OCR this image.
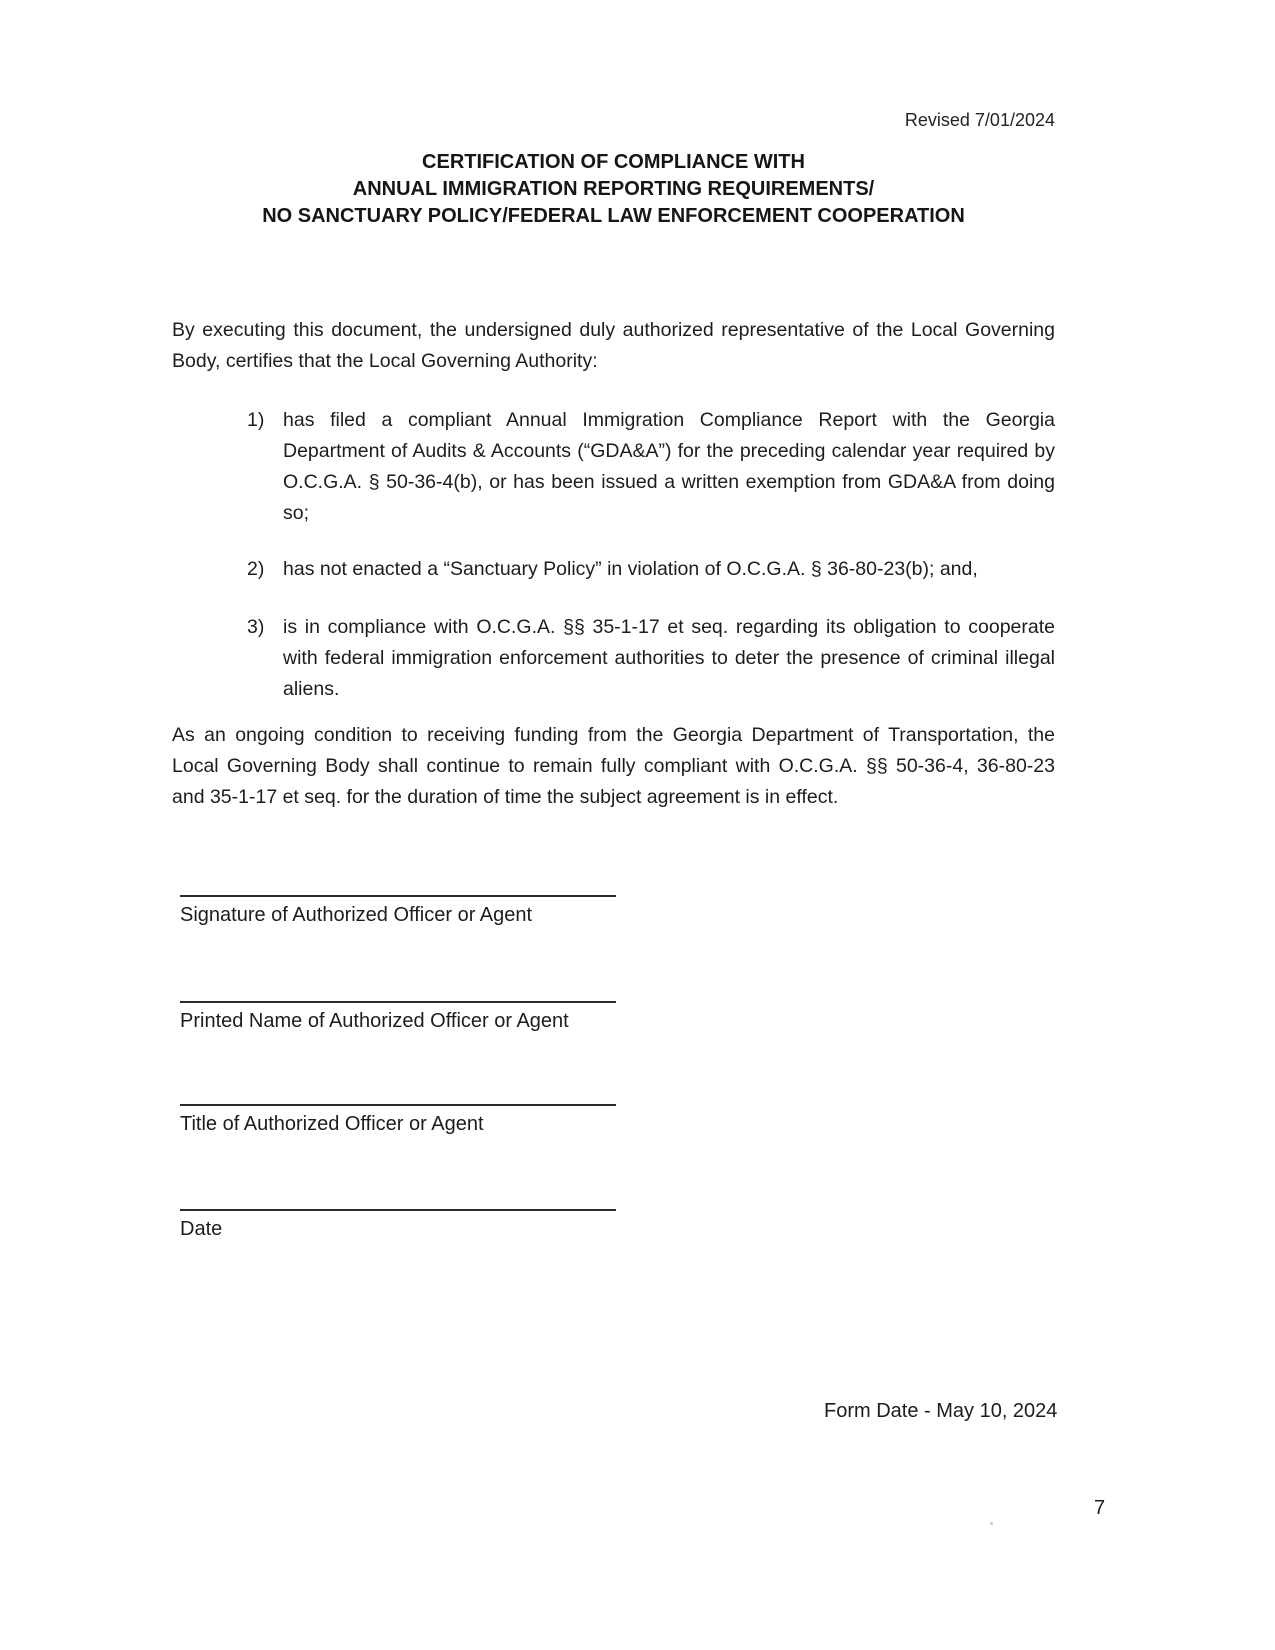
Revised 7/01/2024
CERTIFICATION OF COMPLIANCE WITH
ANNUAL IMMIGRATION REPORTING REQUIREMENTS/
NO SANCTUARY POLICY/FEDERAL LAW ENFORCEMENT COOPERATION
By executing this document, the undersigned duly authorized representative of the Local Governing Body, certifies that the Local Governing Authority:
1) has filed a compliant Annual Immigration Compliance Report with the Georgia Department of Audits & Accounts (“GDA&A”) for the preceding calendar year required by O.C.G.A. § 50-36-4(b), or has been issued a written exemption from GDA&A from doing so;
2) has not enacted a “Sanctuary Policy” in violation of O.C.G.A. § 36-80-23(b); and,
3) is in compliance with O.C.G.A. §§ 35-1-17 et seq. regarding its obligation to cooperate with federal immigration enforcement authorities to deter the presence of criminal illegal aliens.
As an ongoing condition to receiving funding from the Georgia Department of Transportation, the Local Governing Body shall continue to remain fully compliant with O.C.G.A. §§ 50-36-4, 36-80-23 and 35-1-17 et seq. for the duration of time the subject agreement is in effect.
Signature of Authorized Officer or Agent
Printed Name of Authorized Officer or Agent
Title of Authorized Officer or Agent
Date
Form Date - May 10, 2024
7
